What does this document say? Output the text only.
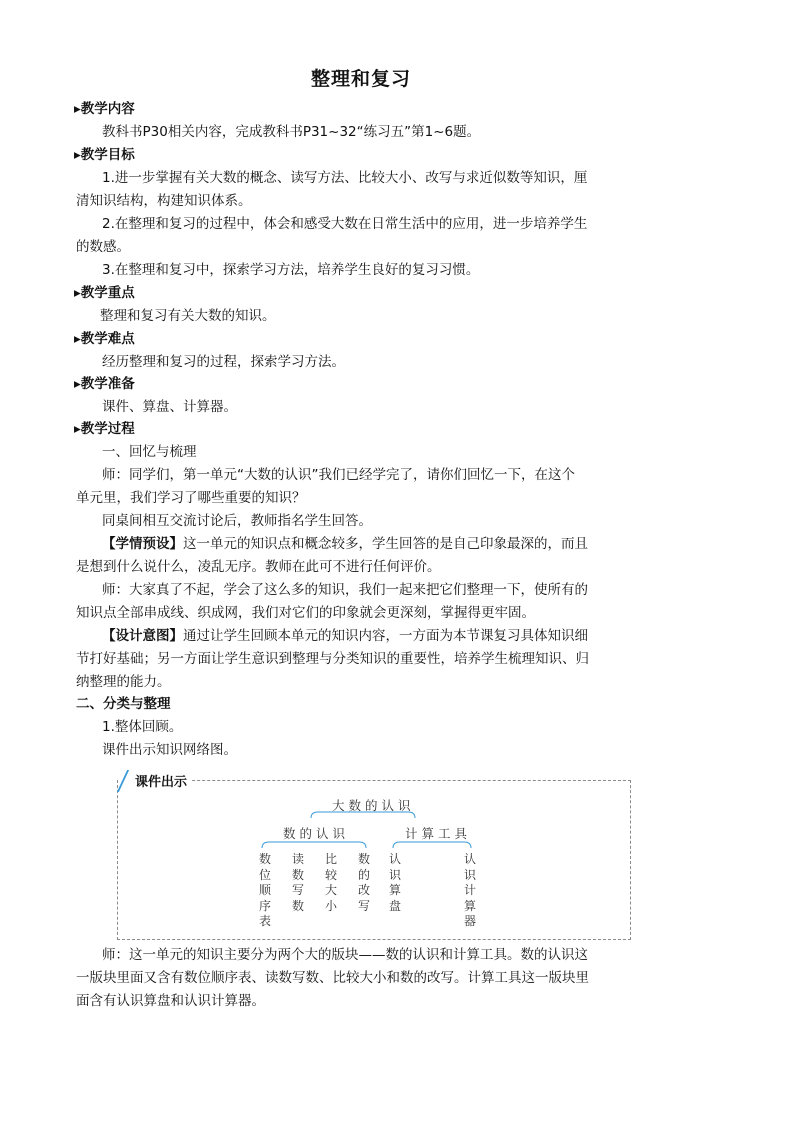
整理和复习
▸教学内容
教科书P30相关内容，完成教科书P31~32“练习五”第1~6题。
▸教学目标
1.进一步掌握有关大数的概念、读写方法、比较大小、改写与求近似数等知识，厘
清知识结构，构建知识体系。
2.在整理和复习的过程中，体会和感受大数在日常生活中的应用，进一步培养学生
的数感。
3.在整理和复习中，探索学习方法，培养学生良好的复习习惯。
▸教学重点
整理和复习有关大数的知识。
▸教学难点
经历整理和复习的过程，探索学习方法。
▸教学准备
课件、算盘、计算器。
▸教学过程
一、回忆与梳理
师：同学们，第一单元“大数的认识”我们已经学完了，请你们回忆一下，在这个
单元里，我们学习了哪些重要的知识？
同桌间相互交流讨论后，教师指名学生回答。
【学情预设】这一单元的知识点和概念较多，学生回答的是自己印象最深的，而且
是想到什么说什么，凌乱无序。教师在此可不进行任何评价。
师：大家真了不起，学会了这么多的知识，我们一起来把它们整理一下，使所有的
知识点全部串成线、织成网，我们对它们的印象就会更深刻，掌握得更牢固。
【设计意图】通过让学生回顾本单元的知识内容，一方面为本节课复习具体知识细
节打好基础；另一方面让学生意识到整理与分类知识的重要性，培养学生梳理知识、归
纳整理的能力。
二、分类与整理
1.整体回顾。
课件出示知识网络图。
课件出示
大数的认识
数的认识	计算工具
数位顺序表
读数写数
比较大小
数的改写
认识算盘
认识计算器
师：这一单元的知识主要分为两个大的版块——数的认识和计算工具。数的认识这
一版块里面又含有数位顺序表、读数写数、比较大小和数的改写。计算工具这一版块里
面含有认识算盘和认识计算器。
